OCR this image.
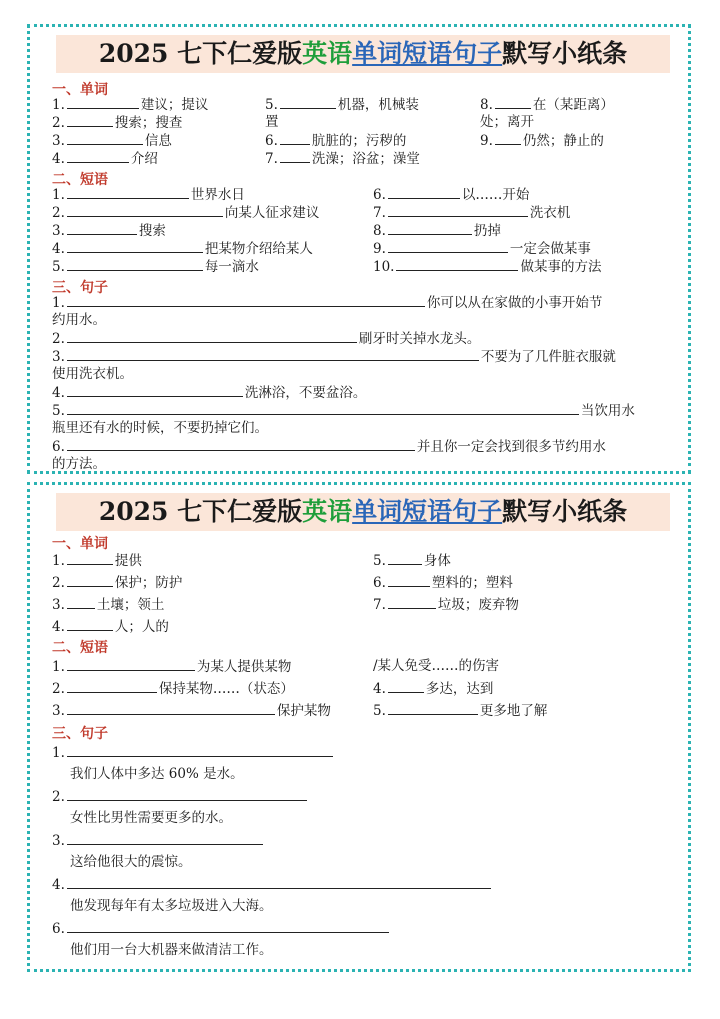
2025 七下仁爱版英语单词短语句子默写小纸条
一、单词
1.	建议；提议
2.	搜索；搜查
3.	信息
4.	介绍
5.	机器，机械装
置
6.	肮脏的；污秽的
7.	洗澡；浴盆；澡堂
8.	在（某距离）
处；离开
9. 仍然；静止的
二、短语
1.	世界水日
2.	向某人征求建议
3.	搜索
4.	把某物介绍给某人
5.	每一滴水
6.	以……开始
7.	洗衣机
8.	扔掉
9.	一定会做某事
10.	做某事的方法
三、句子
1.	你可以从在家做的小事开始节
约用水。
2.	刷牙时关掉水龙头。
3.	不要为了几件脏衣服就
使用洗衣机。
4.	洗淋浴，不要盆浴。
5.	当饮用水
瓶里还有水的时候，不要扔掉它们。
6.	并且你一定会找到很多节约用水
的方法。
2025 七下仁爱版英语单词短语句子默写小纸条
一、单词
1.	提供
2.	保护；防护
3. 土壤；领土
4.	人；人的
5.	身体
6.	塑料的；塑料
7.	垃圾；废弃物
二、短语
1.	为某人提供某物
2.	保持某物……（状态）
3.	保护某物
/某人免受……的伤害
4.	多达，达到
5.	更多地了解
三、句子
1.
我们人体中多达 60% 是水。
2.
女性比男性需要更多的水。
3.
这给他很大的震惊。
4.
他发现每年有太多垃圾进入大海。
6.
他们用一台大机器来做清洁工作。
